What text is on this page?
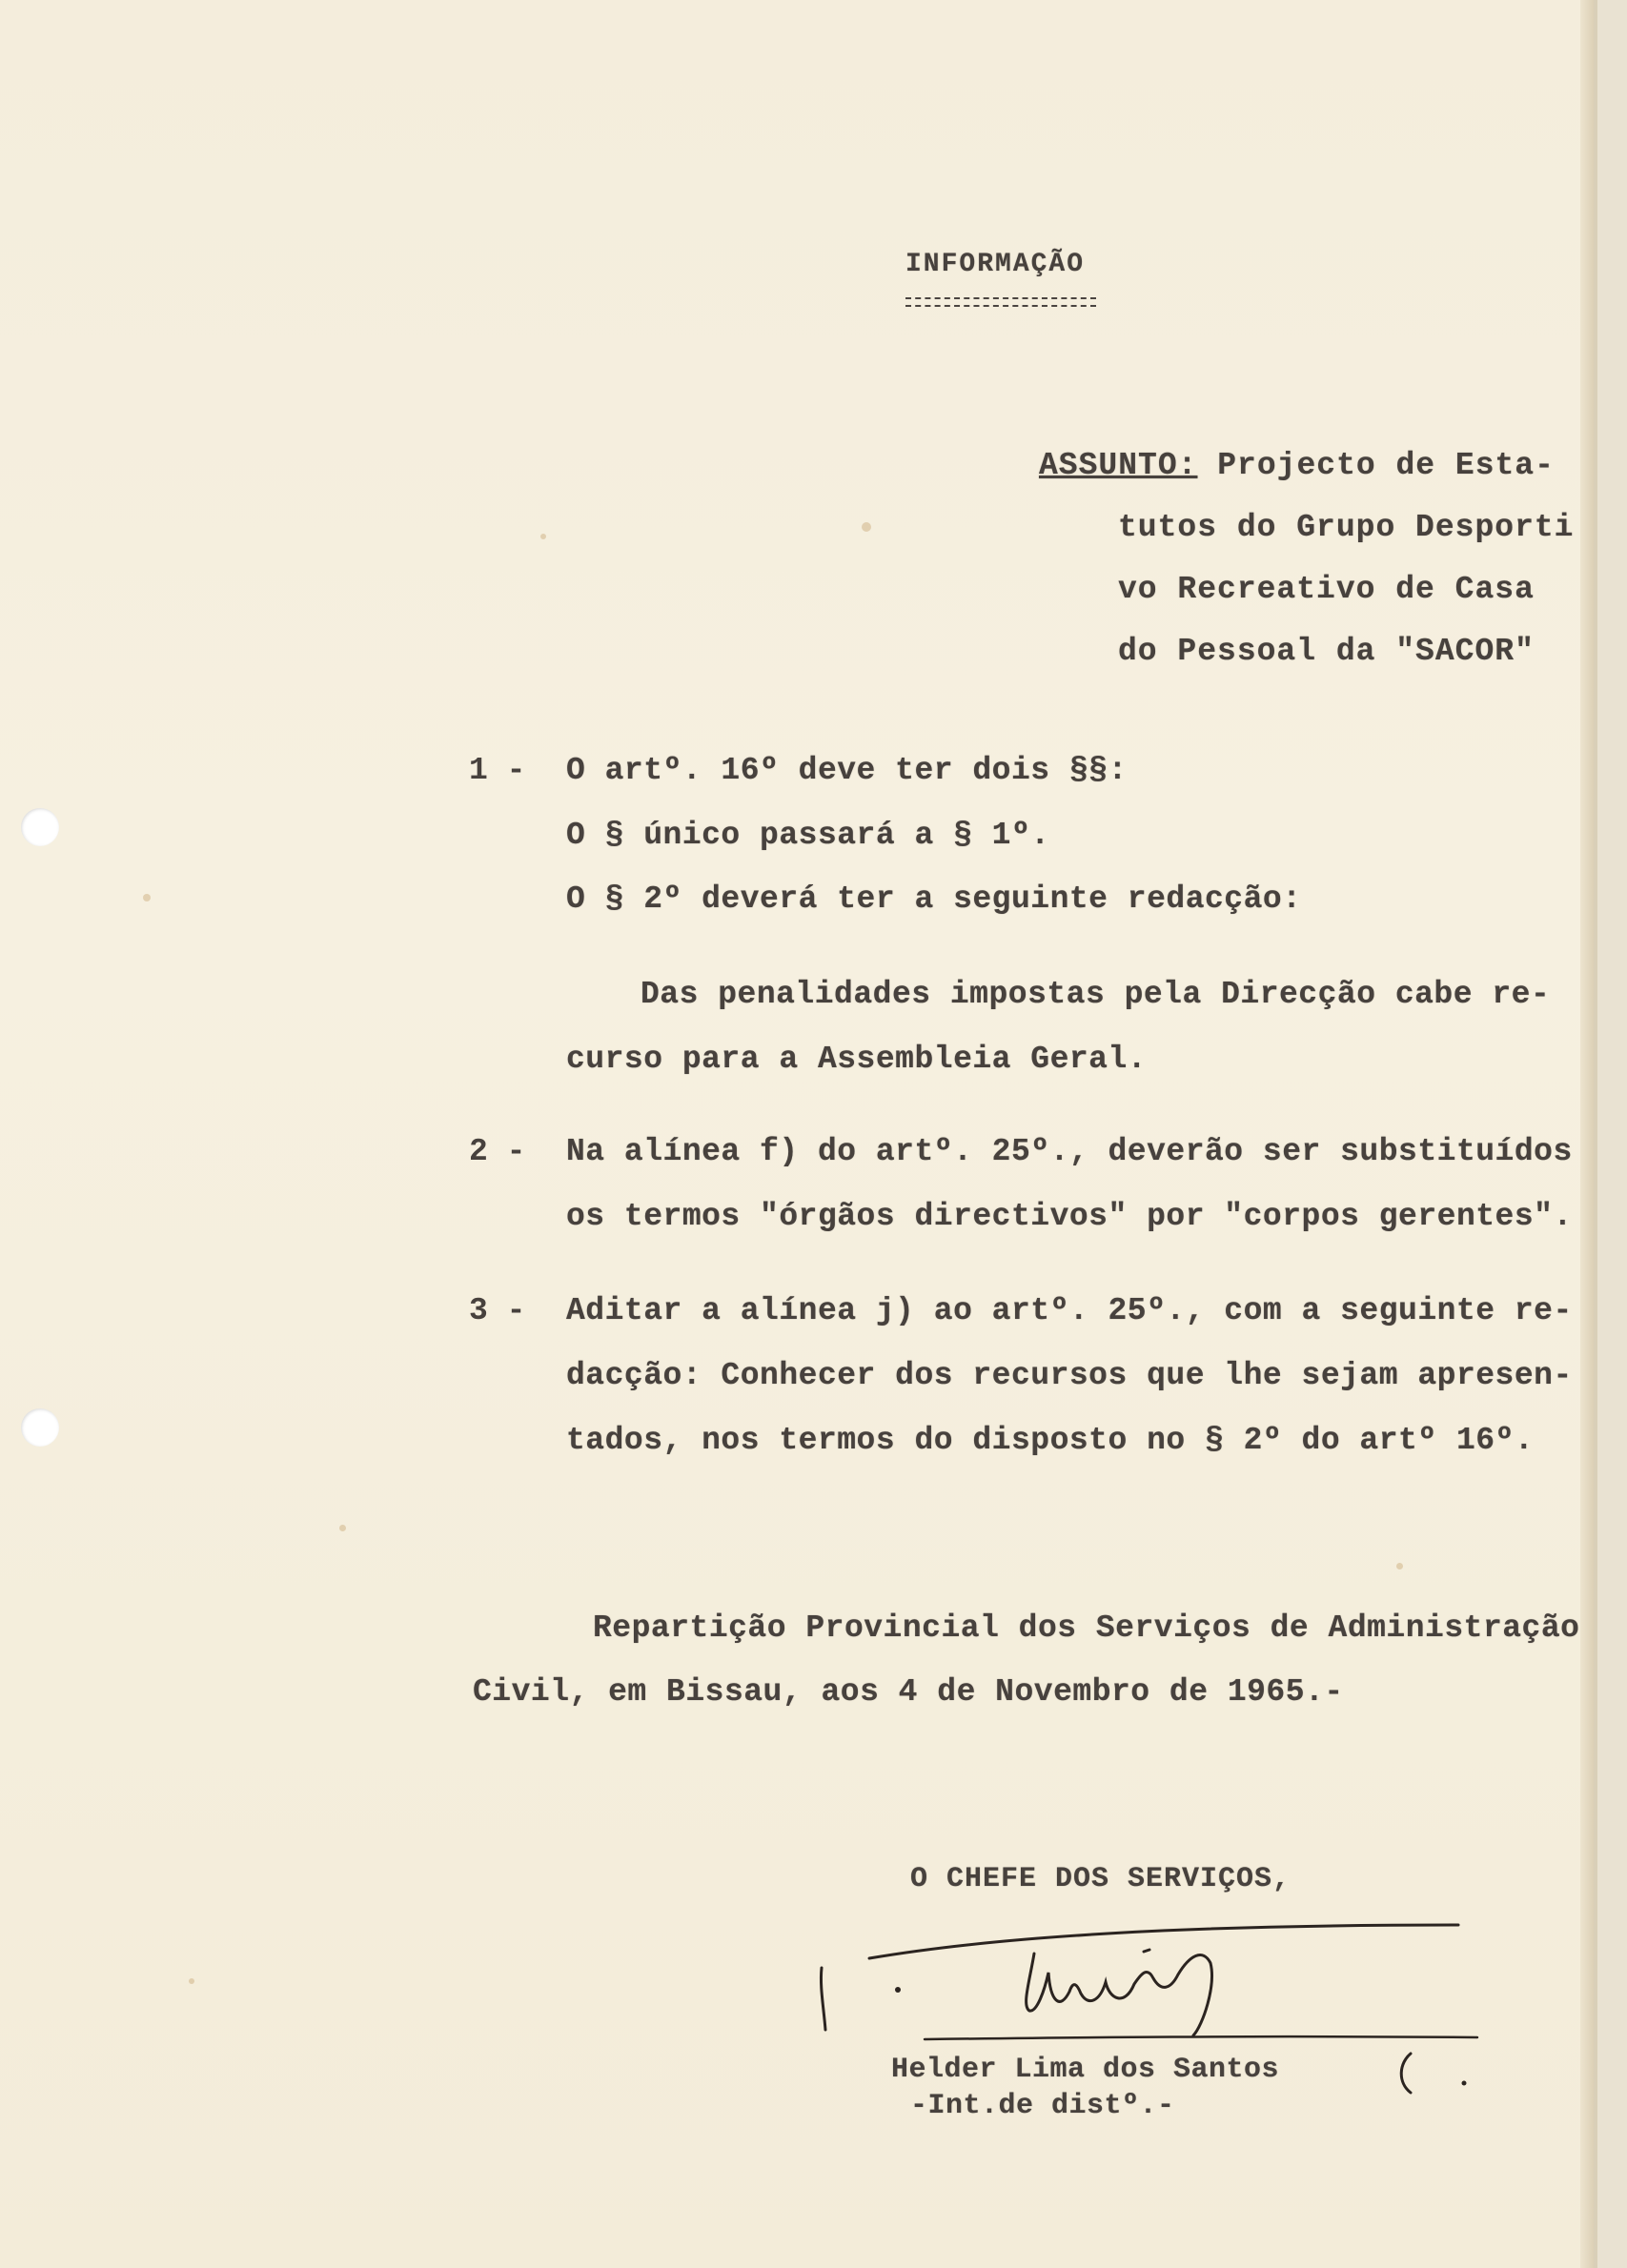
INFORMAÇÃO
ASSUNTO: Projecto de Esta-
tutos do Grupo Desporti
vo Recreativo de Casa
do Pessoal da "SACOR"
1 - O artº. 16º deve ter dois §§:
O § único passará a § 1º.
O § 2º deverá ter a seguinte redacção:
Das penalidades impostas pela Direcção cabe re-
curso para a Assembleia Geral.
2 - Na alínea f) do artº. 25º., deverão ser substituídos
os termos "órgãos directivos" por "corpos gerentes".
3 - Aditar a alínea j) ao artº. 25º., com a seguinte re-
dacção: Conhecer dos recursos que lhe sejam apresen-
tados, nos termos do disposto no § 2º do artº 16º.
Repartição Provincial dos Serviços de Administração
Civil, em Bissau, aos 4 de Novembro de 1965.-
O CHEFE DOS SERVIÇOS,
Helder Lima dos Santos
-Int.de distº.-
